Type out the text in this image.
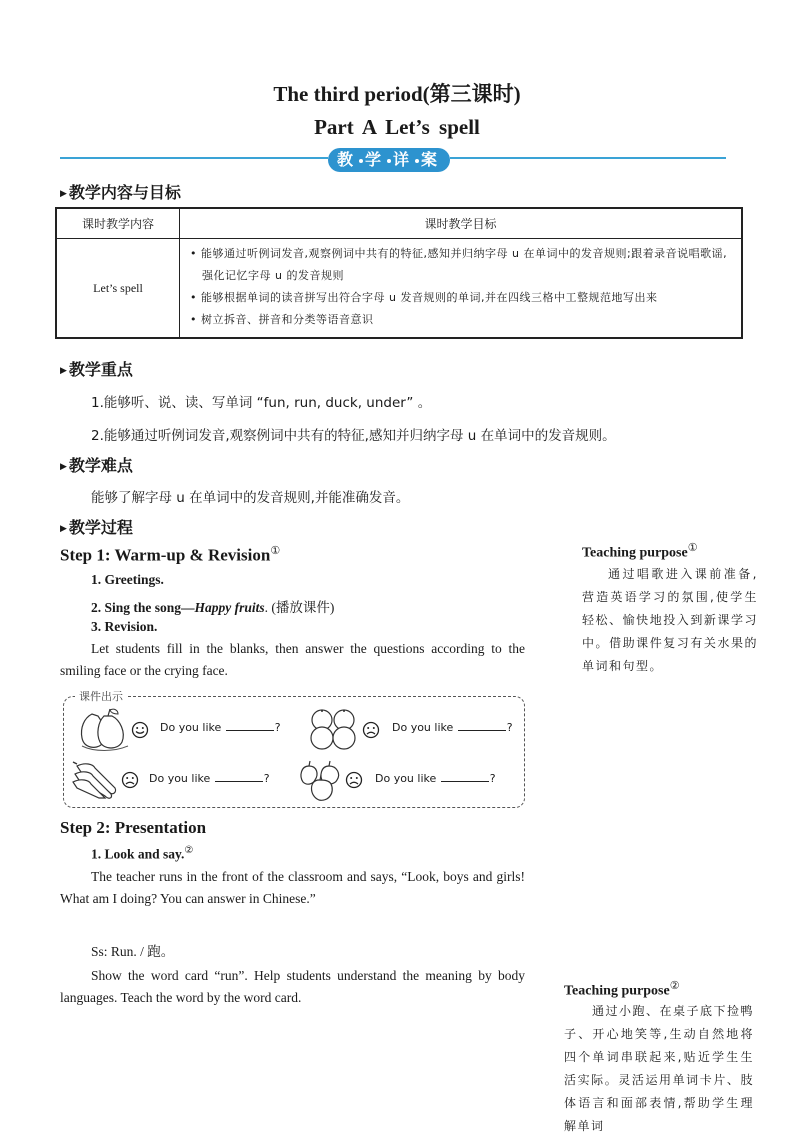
The third period(第三课时)
Part A Let’s spell
教 学 详 案
▶ 教学内容与目标
课时教学内容	课时教学目标
Let’s spell	• 能够通过听例词发音,观察例词中共有的特征,感知并归纳字母 u 在单词中的发音规则;跟着录音说唱歌谣,强化记忆字母 u 的发音规则
• 能够根据单词的读音拼写出符合字母 u 发音规则的单词,并在四线三格中工整规范地写出来
• 树立拆音、拼音和分类等语音意识
▶ 教学重点
1.能够听、说、读、写单词 “fun, run, duck, under” 。
2.能够通过听例词发音,观察例词中共有的特征,感知并归纳字母 u 在单词中的发音规则。
▶ 教学难点
能够了解字母 u 在单词中的发音规则,并能准确发音。
▶ 教学过程
Step 1: Warm-up & Revision①
1. Greetings.
2. Sing the song—Happy fruits. (播放课件)
3. Revision.
Let students fill in the blanks, then answer the questions according to the smiling face or the crying face.
课件出示
Do you like	?	Do you like	?
Do you like	?	Do you like	?
Step 2: Presentation
1. Look and say.②
The teacher runs in the front of the classroom and says, “Look, boys and girls! What am I doing? You can answer in Chinese.”
Ss: Run. / 跑。
Show the word card “run”. Help students understand the meaning by body languages. Teach the word by the word card.
Teaching purpose①
通过唱歌进入课前准备,营造英语学习的氛围,使学生轻松、愉快地投入到新课学习中。借助课件复习有关水果的单词和句型。
Teaching purpose②
通过小跑、在桌子底下捡鸭子、开心地笑等,生动自然地将四个单词串联起来,贴近学生生活实际。灵活运用单词卡片、肢体语言和面部表情,帮助学生理解单词
